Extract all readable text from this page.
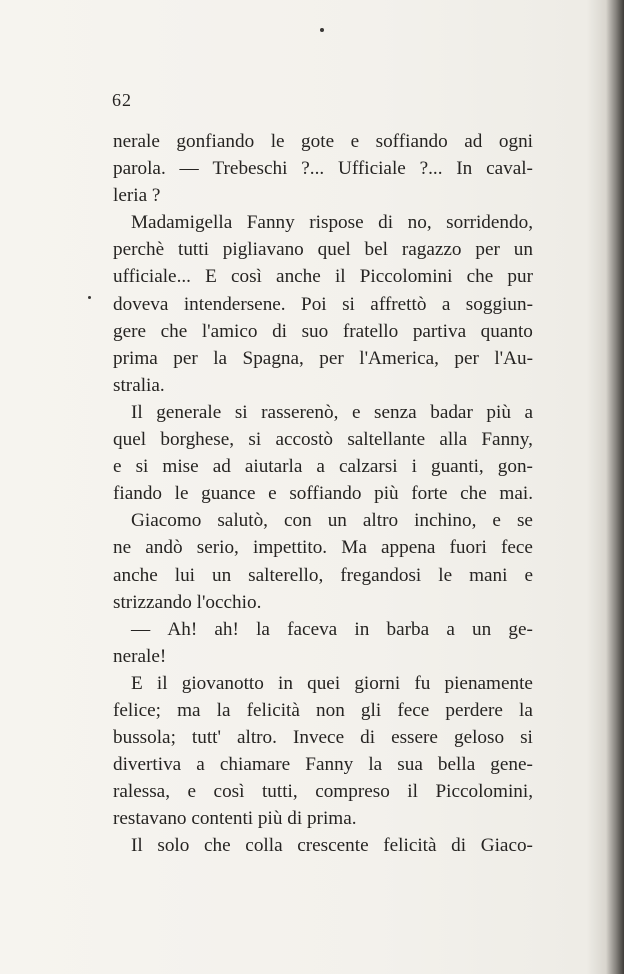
62
nerale gonfiando le gote e soffiando ad ogni
parola. — Trebeschi ?... Ufficiale ?... In caval-
leria ?
Madamigella Fanny rispose di no, sorridendo,
perchè tutti pigliavano quel bel ragazzo per un
ufficiale... E così anche il Piccolomini che pur
doveva intendersene. Poi si affrettò a soggiun-
gere che l'amico di suo fratello partiva quanto
prima per la Spagna, per l'America, per l'Au-
stralia.
Il generale si rasserenò, e senza badar più a
quel borghese, si accostò saltellante alla Fanny,
e si mise ad aiutarla a calzarsi i guanti, gon-
fiando le guance e soffiando più forte che mai.
Giacomo salutò, con un altro inchino, e se
ne andò serio, impettito. Ma appena fuori fece
anche lui un salterello, fregandosi le mani e
strizzando l'occhio.
— Ah! ah! la faceva in barba a un ge-
nerale!
E il giovanotto in quei giorni fu pienamente
felice; ma la felicità non gli fece perdere la
bussola; tutt' altro. Invece di essere geloso si
divertiva a chiamare Fanny la sua bella gene-
ralessa, e così tutti, compreso il Piccolomini,
restavano contenti più di prima.
Il solo che colla crescente felicità di Giaco-
